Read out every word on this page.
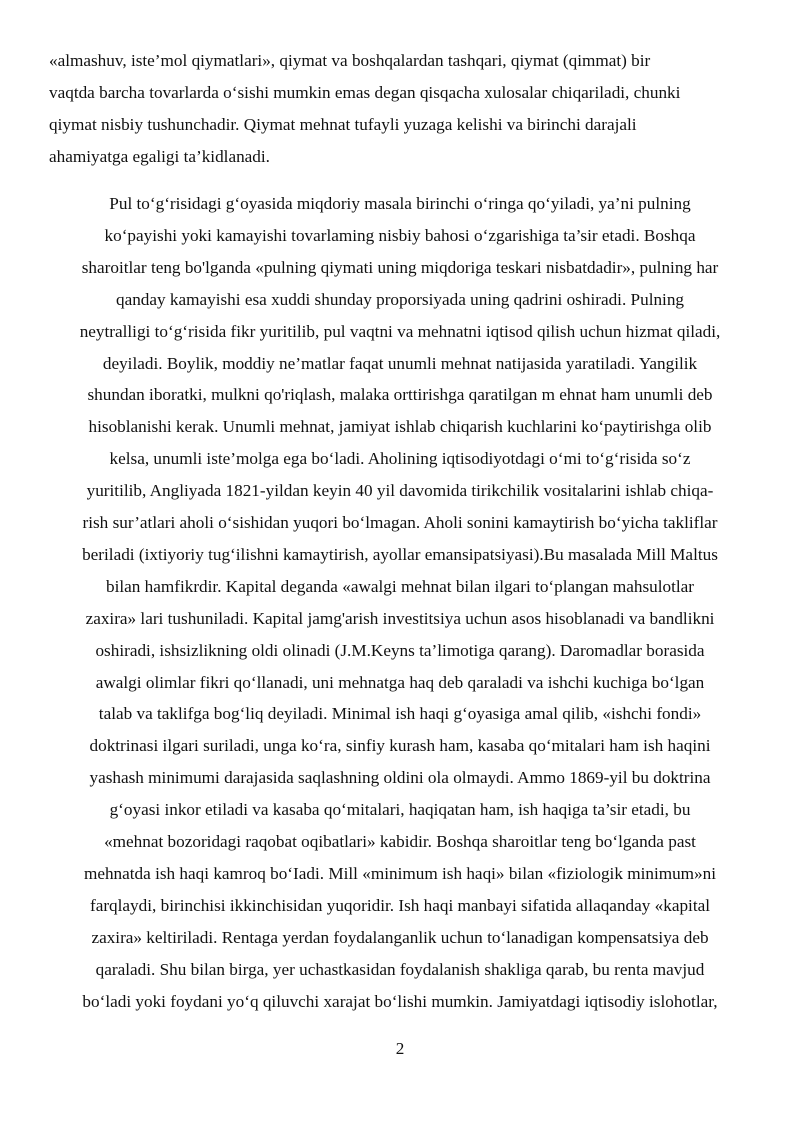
«almashuv, iste’mol qiymatlari», qiymat va boshqalardan tashqari, qiymat (qimmat) bir
vaqtda barcha tovarlarda o‘sishi mumkin emas degan qisqacha xulosalar chiqariladi, chunki
qiymat nisbiy tushunchadir. Qiymat mehnat tufayli yuzaga kelishi va birinchi darajali
ahamiyatga egaligi ta’kidlanadi.
Pul to‘g‘risidagi g‘oyasida miqdoriy masala birinchi o‘ringa qo‘yiladi, ya’ni pulning
ko‘payishi yoki kamayishi tovarlaming nisbiy bahosi o‘zgarishiga ta’sir etadi. Boshqa
sharoitlar teng bo'lganda «pulning qiymati uning miqdoriga teskari nisbatdadir», pulning har
qanday kamayishi esa xuddi shunday proporsiyada uning qadrini oshiradi. Pulning
neytralligi to‘g‘risida fikr yuritilib, pul vaqtni va mehnatni iqtisod qilish uchun hizmat qiladi,
deyiladi. Boylik, moddiy ne’matlar faqat unumli mehnat natijasida yaratiladi. Yangilik
shundan iboratki, mulkni qo'riqlash, malaka orttirishga qaratilgan m ehnat ham unumli deb
hisoblanishi kerak. Unumli mehnat, jamiyat ishlab chiqarish kuchlarini ko‘paytirishga olib
kelsa, unumli iste’molga ega bo‘ladi. Aholining iqtisodiyotdagi o‘mi to‘g‘risida so‘z
yuritilib, Angliyada 1821-yildan keyin 40 yil davomida tirikchilik vositalarini ishlab chiqa-
rish sur’atlari aholi o‘sishidan yuqori bo‘lmagan. Aholi sonini kamaytirish bo‘yicha takliflar
beriladi (ixtiyoriy tug‘ilishni kamaytirish, ayollar emansipatsiyasi).Bu masalada Mill Maltus
bilan hamfikrdir. Kapital deganda «awalgi mehnat bilan ilgari to‘plangan mahsulotlar
zaxira» lari tushuniladi. Kapital jamg'arish investitsiya uchun asos hisoblanadi va bandlikni
oshiradi, ishsizlikning oldi olinadi (J.M.Keyns ta’limotiga qarang). Daromadlar borasida
awalgi olimlar fikri qo‘llanadi, uni mehnatga haq deb qaraladi va ishchi kuchiga bo‘lgan
talab va taklifga bog‘liq deyiladi. Minimal ish haqi g‘oyasiga amal qilib, «ishchi fondi»
doktrinasi ilgari suriladi, unga ko‘ra, sinfiy kurash ham, kasaba qo‘mitalari ham ish haqini
yashash minimumi darajasida saqlashning oldini ola olmaydi. Ammo 1869-yil bu doktrina
g‘oyasi inkor etiladi va kasaba qo‘mitalari, haqiqatan ham, ish haqiga ta’sir etadi, bu
«mehnat bozoridagi raqobat oqibatlari» kabidir. Boshqa sharoitlar teng bo‘lganda past
mehnatda ish haqi kamroq bo‘Iadi. Mill «minimum ish haqi» bilan «fiziologik minimum»ni
farqlaydi, birinchisi ikkinchisidan yuqoridir. Ish haqi manbayi sifatida allaqanday «kapital
zaxira» keltiriladi. Rentaga yerdan foydalanganlik uchun to‘lanadigan kompensatsiya deb
qaraladi. Shu bilan birga, yer uchastkasidan foydalanish shakliga qarab, bu renta mavjud
bo‘ladi yoki foydani yo‘q qiluvchi xarajat bo‘lishi mumkin. Jamiyatdagi iqtisodiy islohotlar,
2
